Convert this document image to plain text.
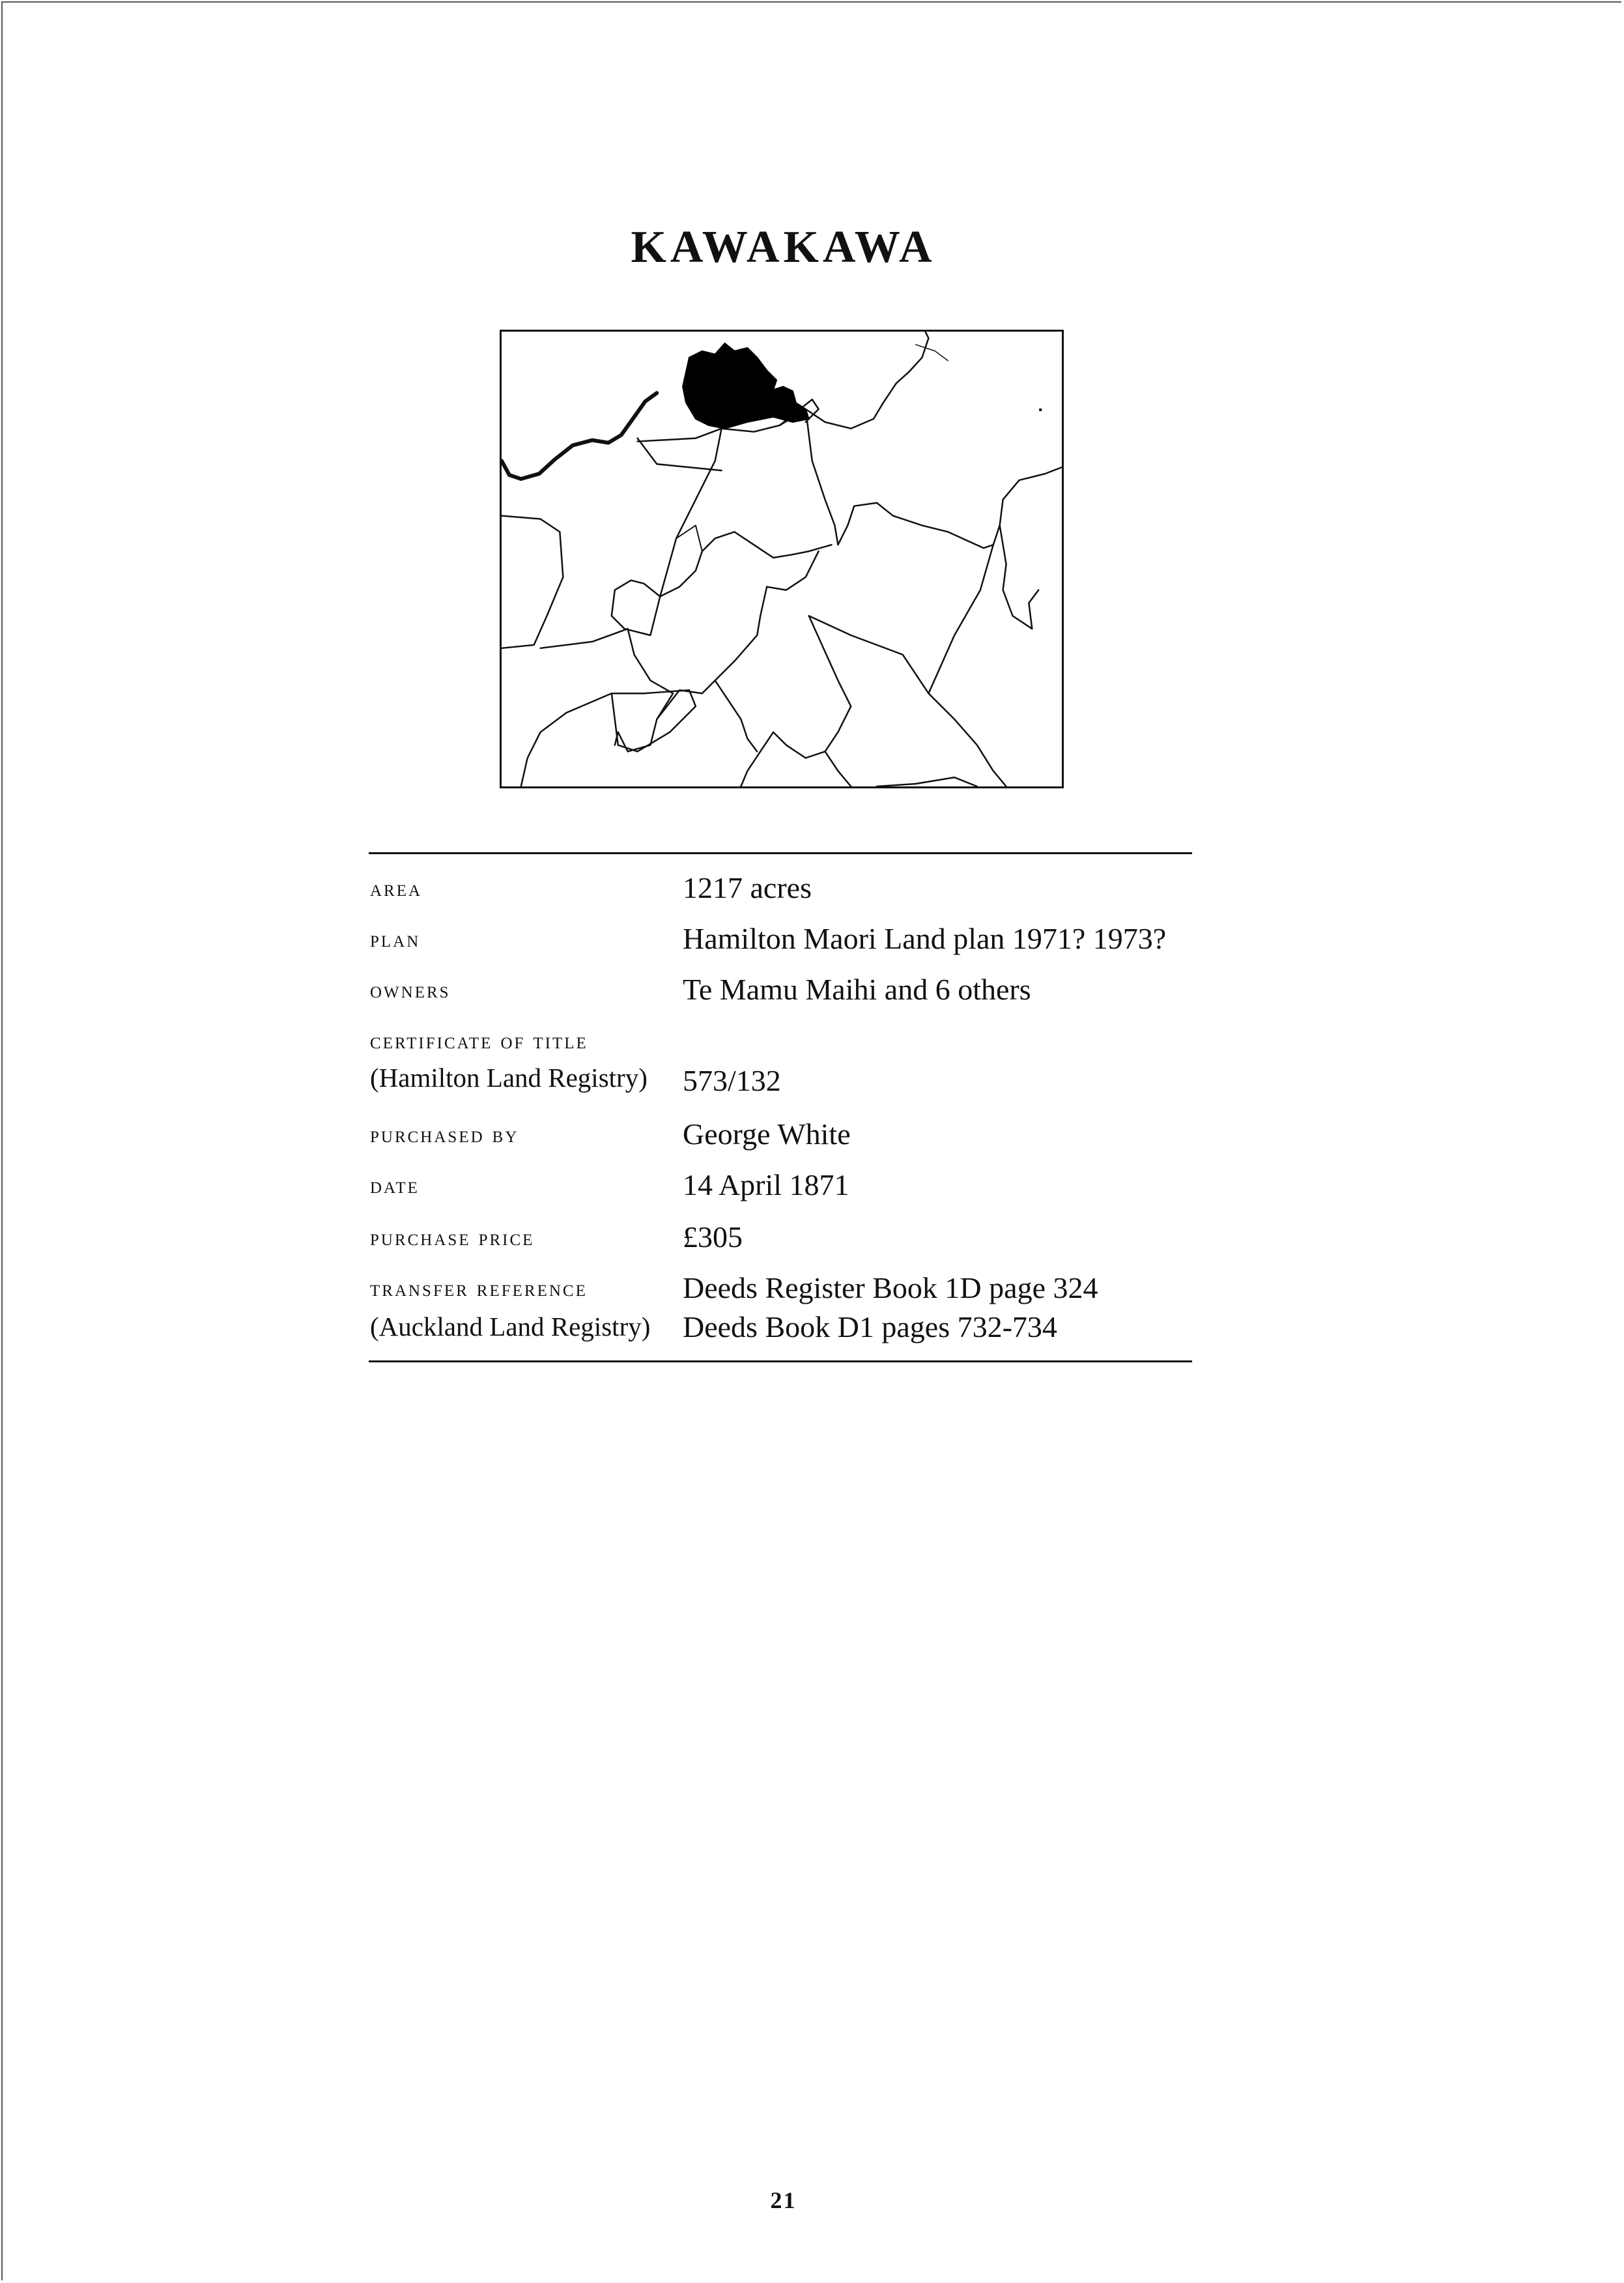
KAWAKAWA
area	1217 acres
plan	Hamilton Maori Land plan 1971? 1973?
owners	Te Mamu Maihi and 6 others
certificate of title
(Hamilton Land Registry) 573/132
purchased by	George White
date	14 April 1871
purchase price	£305
transfer reference	Deeds Register Book 1D page 324
(Auckland Land Registry) Deeds Book D1 pages 732-734
21
